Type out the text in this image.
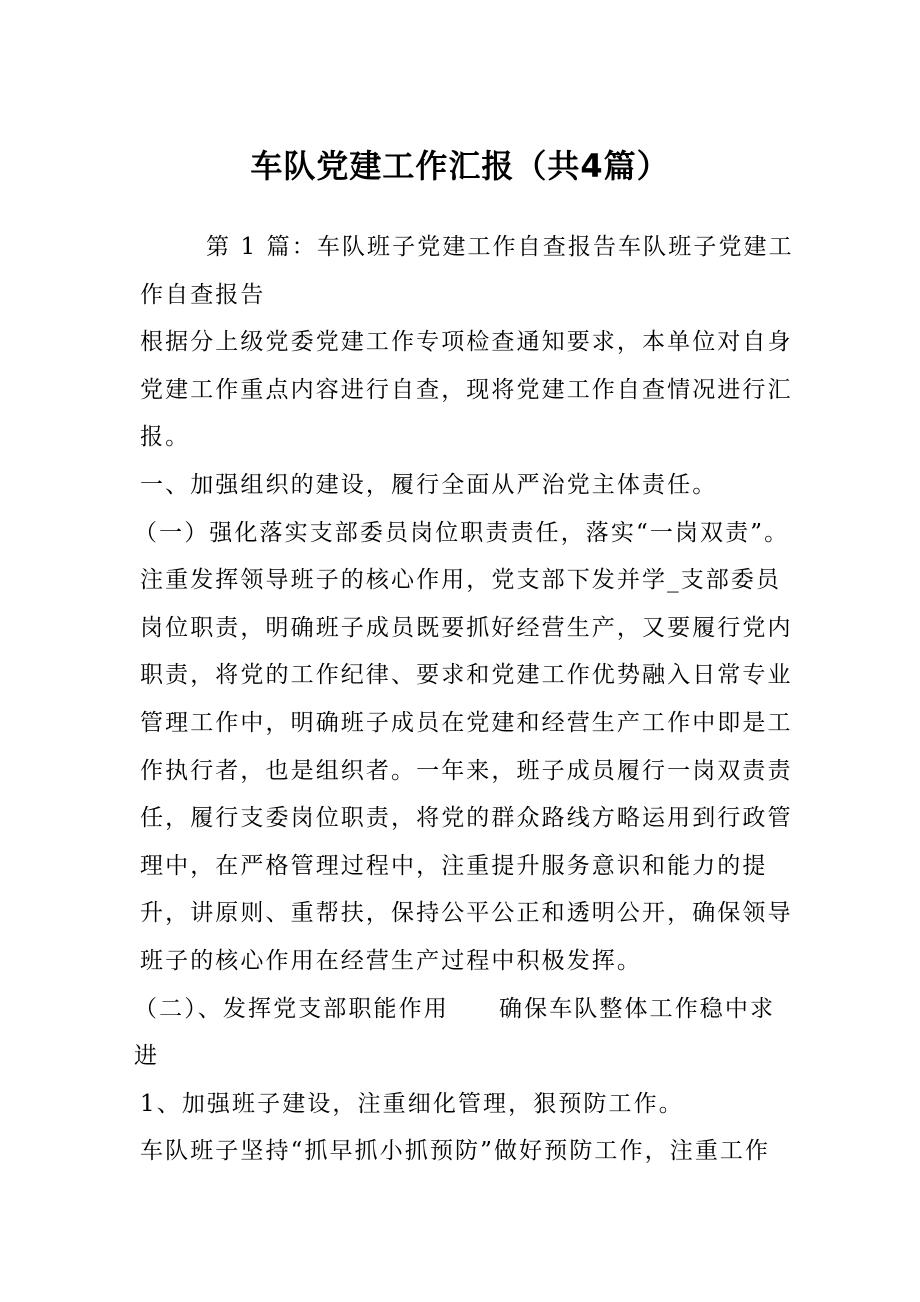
车队党建工作汇报（共4篇）

第 1 篇：车队班子党建工作自查报告车队班子党建工作自查报告

根据分上级党委党建工作专项检查通知要求，本单位对自身党建工作重点内容进行自查，现将党建工作自查情况进行汇报。

一、加强组织的建设，履行全面从严治党主体责任。

（一）强化落实支部委员岗位职责责任，落实“一岗双责”。

注重发挥领导班子的核心作用，党支部下发并学_支部委员岗位职责，明确班子成员既要抓好经营生产，又要履行党内职责，将党的工作纪律、要求和党建工作优势融入日常专业管理工作中，明确班子成员在党建和经营生产工作中即是工作执行者，也是组织者。一年来，班子成员履行一岗双责责任，履行支委岗位职责，将党的群众路线方略运用到行政管理中，在严格管理过程中，注重提升服务意识和能力的提升，讲原则、重帮扶，保持公平公正和透明公开，确保领导班子的核心作用在经营生产过程中积极发挥。

（二）、发挥党支部职能作用　　确保车队整体工作稳中求进

1、加强班子建设，注重细化管理，狠预防工作。

车队班子坚持“抓早抓小抓预防”做好预防工作，注重工作
